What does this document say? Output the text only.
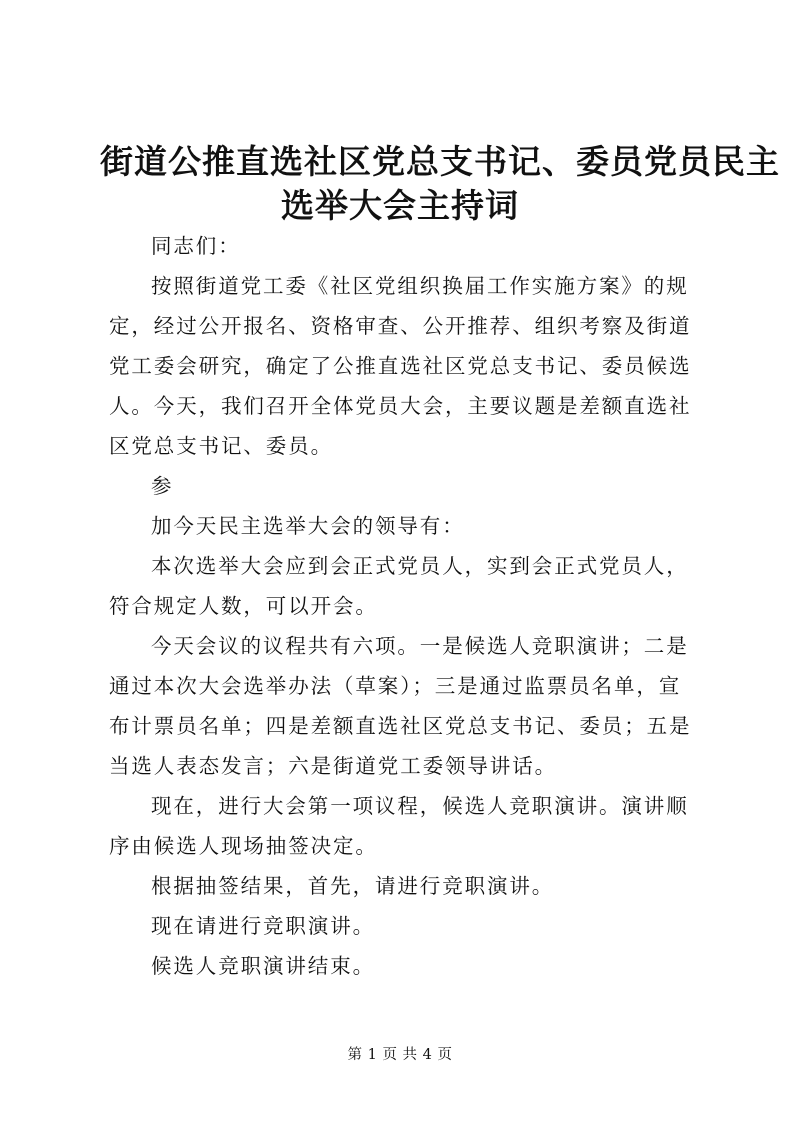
街道公推直选社区党总支书记、委员党员民主
选举大会主持词

同志们：

按照街道党工委《社区党组织换届工作实施方案》的规定，经过公开报名、资格审查、公开推荐、组织考察及街道党工委会研究，确定了公推直选社区党总支书记、委员候选人。今天，我们召开全体党员大会，主要议题是差额直选社区党总支书记、委员。

参

加今天民主选举大会的领导有：

本次选举大会应到会正式党员人，实到会正式党员人，符合规定人数，可以开会。

今天会议的议程共有六项。一是候选人竞职演讲；二是通过本次大会选举办法（草案）；三是通过监票员名单，宣布计票员名单；四是差额直选社区党总支书记、委员；五是当选人表态发言；六是街道党工委领导讲话。

现在，进行大会第一项议程，候选人竞职演讲。演讲顺序由候选人现场抽签决定。

根据抽签结果，首先，请进行竞职演讲。

现在请进行竞职演讲。

候选人竞职演讲结束。

第 1 页 共 4 页
